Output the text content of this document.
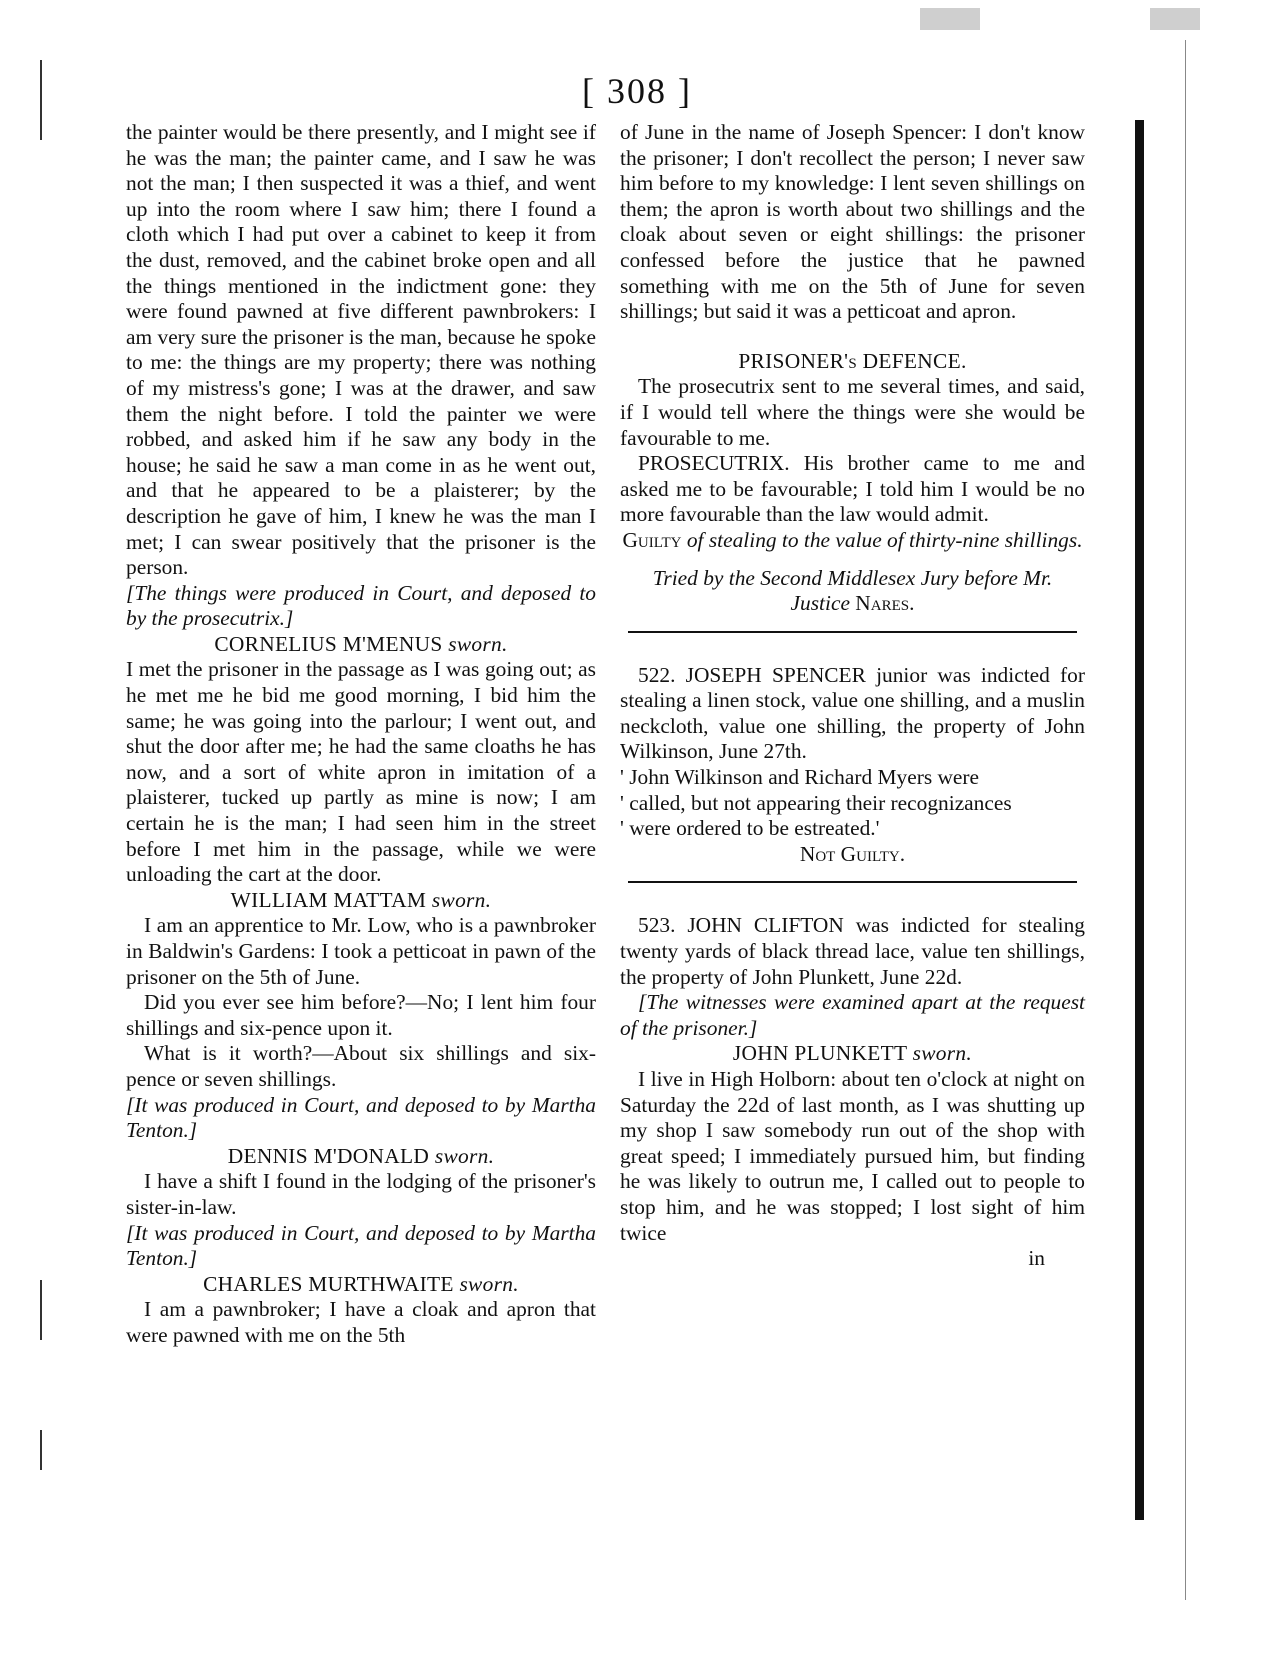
[ 308 ]

the painter would be there presently, and I might see if he was the man; the painter came, and I saw he was not the man; I then suspected it was a thief, and went up into the room where I saw him; there I found a cloth which I had put over a cabinet to keep it from the dust, removed, and the cabinet broke open and all the things mentioned in the indictment gone: they were found pawned at five different pawnbrokers: I am very sure the prisoner is the man, because he spoke to me: the things are my property; there was nothing of my mistress's gone; I was at the drawer, and saw them the night before. I told the painter we were robbed, and asked him if he saw any body in the house; he said he saw a man come in as he went out, and that he appeared to be a plaisterer; by the description he gave of him, I knew he was the man I met; I can swear positively that the prisoner is the person.

[The things were produced in Court, and deposed to by the prosecutrix.]

CORNELIUS M'MENUS sworn.

I met the prisoner in the passage as I was going out; as he met me he bid me good morning, I bid him the same; he was going into the parlour; I went out, and shut the door after me; he had the same cloaths he has now, and a sort of white apron in imitation of a plaisterer, tucked up partly as mine is now; I am certain he is the man; I had seen him in the street before I met him in the passage, while we were unloading the cart at the door.

WILLIAM MATTAM sworn.

I am an apprentice to Mr. Low, who is a pawnbroker in Baldwin's Gardens: I took a petticoat in pawn of the prisoner on the 5th of June.

Did you ever see him before?—No; I lent him four shillings and six-pence upon it.

What is it worth?—About six shillings and six-pence or seven shillings.

[It was produced in Court, and deposed to by Martha Tenton.]

DENNIS M'DONALD sworn.

I have a shift I found in the lodging of the prisoner's sister-in-law.

[It was produced in Court, and deposed to by Martha Tenton.]

CHARLES MURTHWAITE sworn.

I am a pawnbroker; I have a cloak and apron that were pawned with me on the 5th

of June in the name of Joseph Spencer: I don't know the prisoner; I don't recollect the person; I never saw him before to my knowledge: I lent seven shillings on them; the apron is worth about two shillings and the cloak about seven or eight shillings: the prisoner confessed before the justice that he pawned something with me on the 5th of June for seven shillings; but said it was a petticoat and apron.

PRISONER's DEFENCE.

The prosecutrix sent to me several times, and said, if I would tell where the things were she would be favourable to me.

PROSECUTRIX. His brother came to me and asked me to be favourable; I told him I would be no more favourable than the law would admit.

Guilty of stealing to the value of thirty-nine shillings.

Tried by the Second Middlesex Jury before Mr.
Justice Nares.

522. JOSEPH SPENCER junior was indicted for stealing a linen stock, value one shilling, and a muslin neckcloth, value one shilling, the property of John Wilkinson, June 27th.

' John Wilkinson and Richard Myers were

' called, but not appearing their recognizances

' were ordered to be estreated.'

Not Guilty.

523. JOHN CLIFTON was indicted for stealing twenty yards of black thread lace, value ten shillings, the property of John Plunkett, June 22d.

[The witnesses were examined apart at the request of the prisoner.]

JOHN PLUNKETT sworn.

I live in High Holborn: about ten o'clock at night on Saturday the 22d of last month, as I was shutting up my shop I saw somebody run out of the shop with great speed; I immediately pursued him, but finding he was likely to outrun me, I called out to people to stop him, and he was stopped; I lost sight of him twice

in
